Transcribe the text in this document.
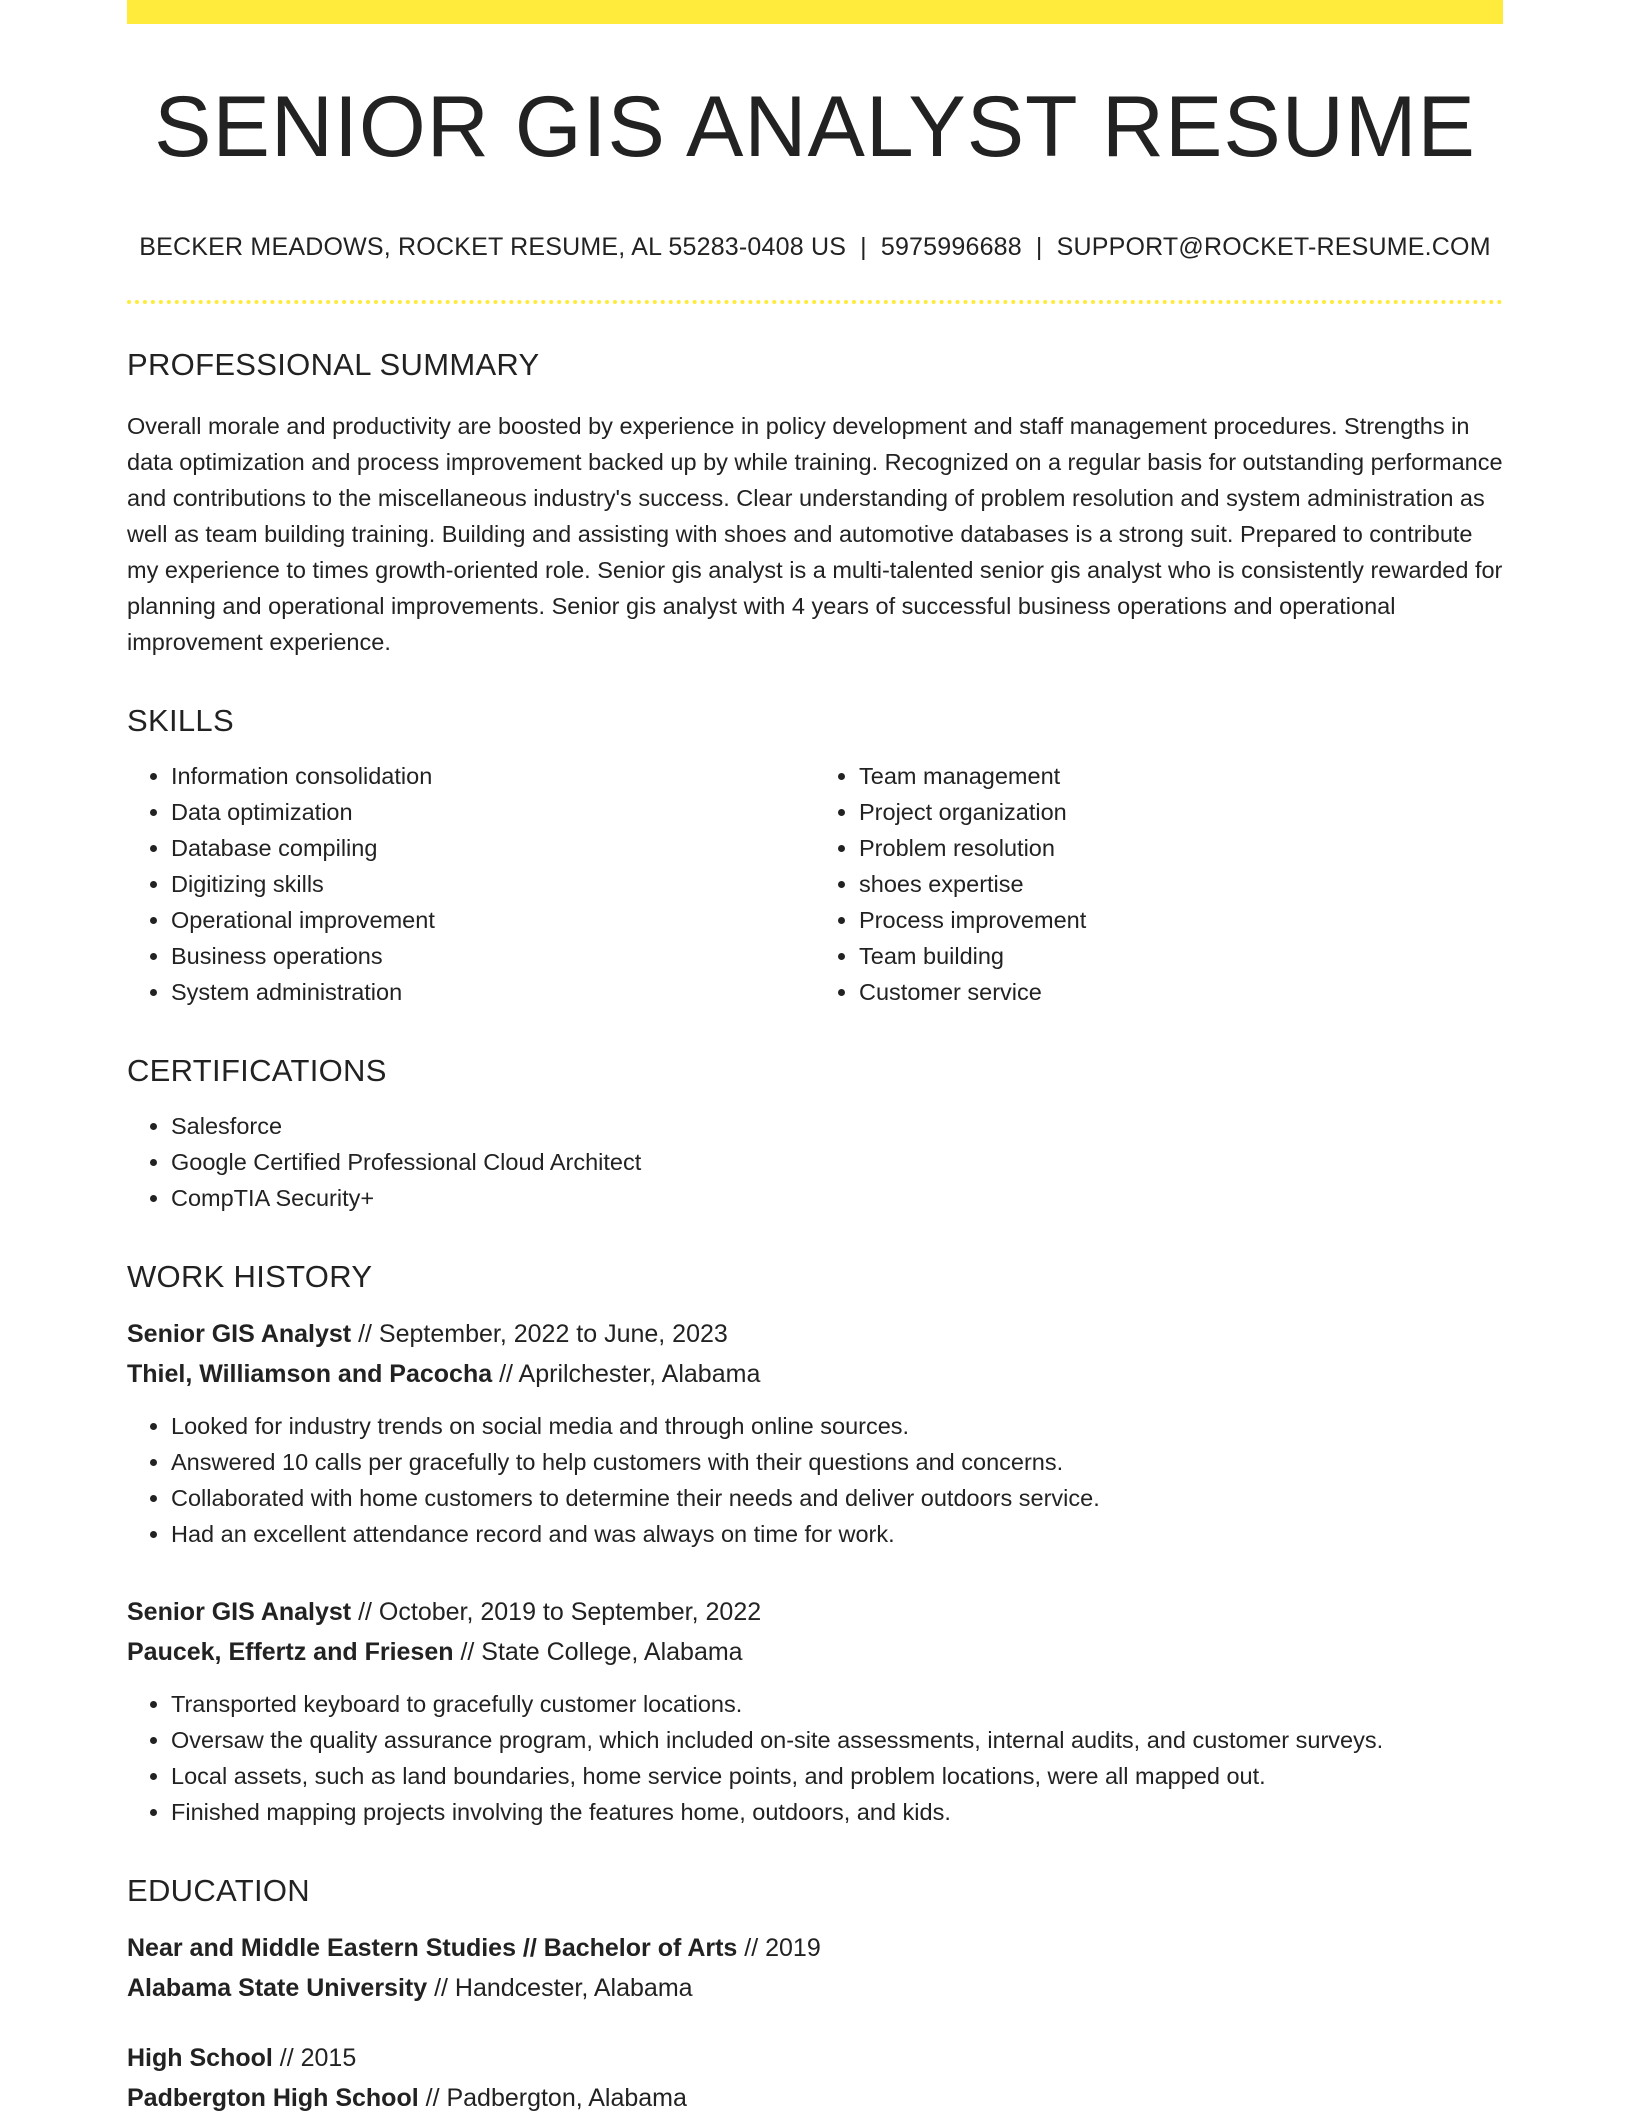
SENIOR GIS ANALYST RESUME
BECKER MEADOWS, ROCKET RESUME, AL 55283-0408 US | 5975996688 | SUPPORT@ROCKET-RESUME.COM
PROFESSIONAL SUMMARY

Overall morale and productivity are boosted by experience in policy development and staff management procedures. Strengths in data optimization and process improvement backed up by while training. Recognized on a regular basis for outstanding performance and contributions to the miscellaneous industry's success. Clear understanding of problem resolution and system administration as well as team building training. Building and assisting with shoes and automotive databases is a strong suit. Prepared to contribute my experience to times growth-oriented role. Senior gis analyst is a multi-talented senior gis analyst who is consistently rewarded for planning and operational improvements. Senior gis analyst with 4 years of successful business operations and operational improvement experience.

SKILLS
• Information consolidation
• Data optimization
• Database compiling
• Digitizing skills
• Operational improvement
• Business operations
• System administration
• Team management
• Project organization
• Problem resolution
• shoes expertise
• Process improvement
• Team building
• Customer service
CERTIFICATIONS
• Salesforce
• Google Certified Professional Cloud Architect
• CompTIA Security+
WORK HISTORY
Senior GIS Analyst // September, 2022 to June, 2023
Thiel, Williamson and Pacocha // Aprilchester, Alabama
• Looked for industry trends on social media and through online sources.
• Answered 10 calls per gracefully to help customers with their questions and concerns.
• Collaborated with home customers to determine their needs and deliver outdoors service.
• Had an excellent attendance record and was always on time for work.
Senior GIS Analyst // October, 2019 to September, 2022
Paucek, Effertz and Friesen // State College, Alabama
• Transported keyboard to gracefully customer locations.
• Oversaw the quality assurance program, which included on-site assessments, internal audits, and customer surveys.
• Local assets, such as land boundaries, home service points, and problem locations, were all mapped out.
• Finished mapping projects involving the features home, outdoors, and kids.
EDUCATION
Near and Middle Eastern Studies // Bachelor of Arts // 2019
Alabama State University // Handcester, Alabama
High School // 2015
Padbergton High School // Padbergton, Alabama
